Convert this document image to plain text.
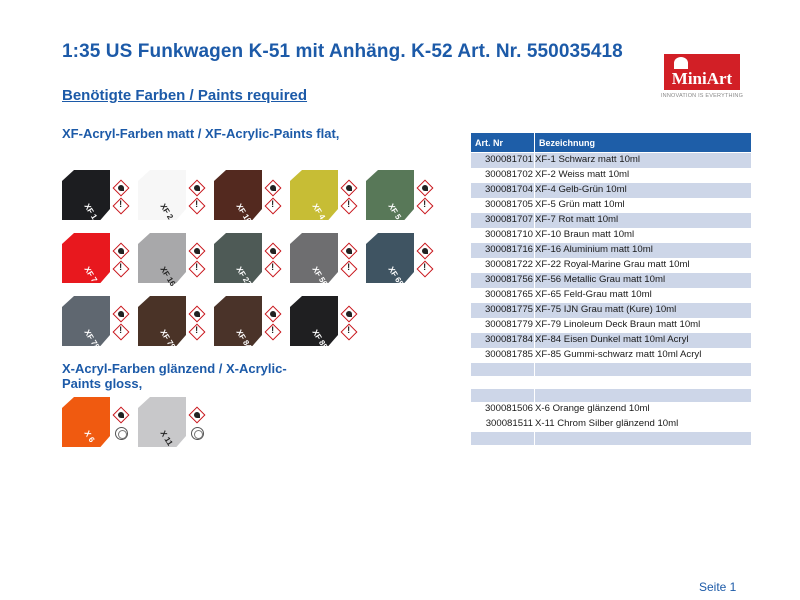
1:35 US Funkwagen K-51 mit Anhäng. K-52 Art. Nr. 550035418
Benötigte Farben / Paints required
MiniArt
INNOVATION IS EVERYTHING
XF-Acryl-Farben matt / XF-Acrylic-Paints flat,
XF 1 !	XF 2 !	XF 10 !	XF 4 !	XF 5
!
XF 7 !	XF 16 !	XF 22 !	XF 56 !	XF 65
!
XF 75 !	XF 79 !	XF 84 !	XF 85
!
X-Acryl-Farben glänzend / X-Acrylic-Paints gloss,
X 6	X 11
Art. Nr	Bezeichnung
300081701	XF-1 Schwarz matt 10ml
300081702	XF-2 Weiss matt 10ml
300081704	XF-4 Gelb-Grün 10ml
300081705	XF-5 Grün matt 10ml
300081707	XF-7 Rot matt 10ml
300081710	XF-10 Braun matt 10ml
300081716	XF-16 Aluminium matt 10ml
300081722	XF-22 Royal-Marine Grau matt 10ml
300081756	XF-56 Metallic Grau matt 10ml
300081765	XF-65 Feld-Grau matt 10ml
300081775	XF-75 IJN Grau matt (Kure) 10ml
300081779	XF-79 Linoleum Deck Braun matt 10ml
300081784	XF-84 Eisen Dunkel matt 10ml Acryl
300081785	XF-85 Gummi-schwarz matt 10ml Acryl

300081506	X-6 Orange glänzend 10ml
300081511	X-11 Chrom Silber glänzend 10ml

Seite 1
